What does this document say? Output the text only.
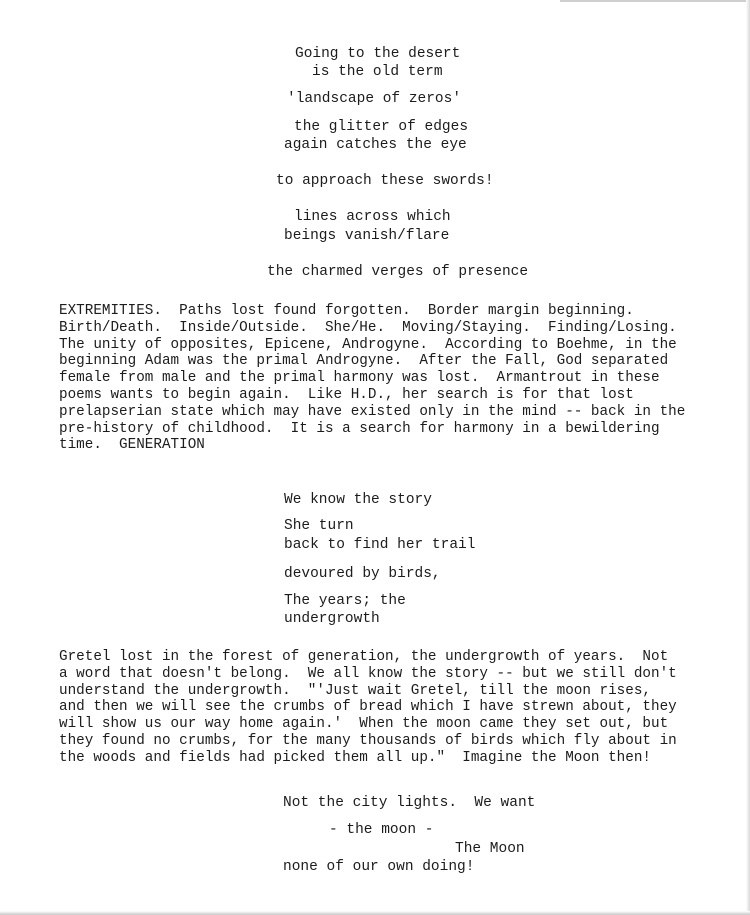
Going to the desert
is the old term
'landscape of zeros'
the glitter of edges
again catches the eye
to approach these swords!
lines across which
beings vanish/flare
the charmed verges of presence
EXTREMITIES.  Paths lost found forgotten.  Border margin beginning.
Birth/Death.  Inside/Outside.  She/He.  Moving/Staying.  Finding/Losing.
The unity of opposites, Epicene, Androgyne.  According to Boehme, in the
beginning Adam was the primal Androgyne.  After the Fall, God separated
female from male and the primal harmony was lost.  Armantrout in these
poems wants to begin again.  Like H.D., her search is for that lost
prelapserian state which may have existed only in the mind -- back in the
pre-history of childhood.  It is a search for harmony in a bewildering
time.  GENERATION
We know the story
She turn
back to find her trail
devoured by birds,
The years; the
undergrowth
Gretel lost in the forest of generation, the undergrowth of years.  Not
a word that doesn't belong.  We all know the story -- but we still don't
understand the undergrowth.  "'Just wait Gretel, till the moon rises,
and then we will see the crumbs of bread which I have strewn about, they
will show us our way home again.'  When the moon came they set out, but
they found no crumbs, for the many thousands of birds which fly about in
the woods and fields had picked them all up."  Imagine the Moon then!
Not the city lights.  We want
- the moon -
The Moon
none of our own doing!
